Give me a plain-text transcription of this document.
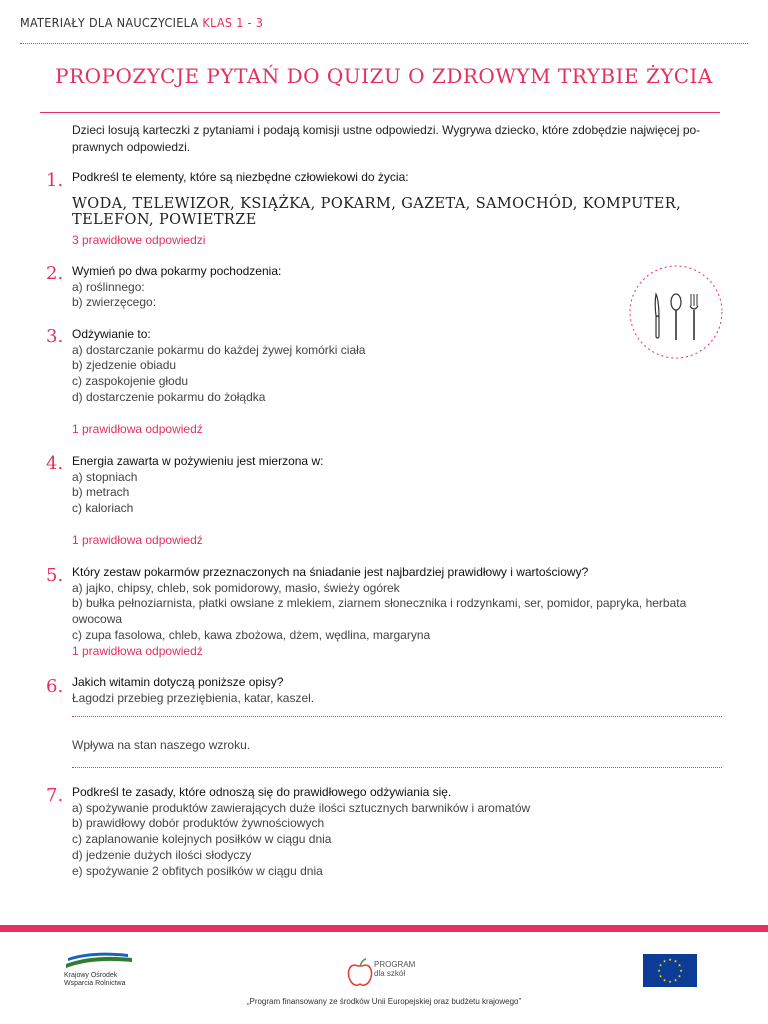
MATERIAŁY DLA NAUCZYCIELA KLAS 1 - 3
PROPOZYCJE PYTAŃ DO QUIZU O ZDROWYM TRYBIE ŻYCIA
Dzieci losują karteczki z pytaniami i podają komisji ustne odpowiedzi. Wygrywa dziecko, które zdobędzie najwięcej po-prawnych odpowiedzi.
1. Podkreśl te elementy, które są niezbędne człowiekowi do życia:
WODA, TELEWIZOR, KSIĄŻKA, POKARM, GAZETA, SAMOCHÓD, KOMPUTER, TELEFON, POWIETRZE
3 prawidłowe odpowiedzi
2. Wymień po dwa pokarmy pochodzenia:
a) roślinnego:
b) zwierzęcego:
3. Odżywianie to:
a) dostarczanie pokarmu do każdej żywej komórki ciała
b) zjedzenie obiadu
c) zaspokojenie głodu
d) dostarczenie pokarmu do żołądka
1 prawidłowa odpowiedź
4. Energia zawarta w pożywieniu jest mierzona w:
a) stopniach
b) metrach
c) kaloriach
1 prawidłowa odpowiedź
5. Który zestaw pokarmów przeznaczonych na śniadanie jest najbardziej prawidłowy i wartościowy?
a) jajko, chipsy, chleb, sok pomidorowy, masło, świeży ogórek
b) bułka pełnoziarnista, płatki owsiane z mlekiem, ziarnem słonecznika i rodzynkami, ser, pomidor, papryka, herbata owocowa
c) zupa fasolowa, chleb, kawa zbożowa, dżem, wędlina, margaryna
1 prawidłowa odpowiedź
6. Jakich witamin dotyczą poniższe opisy?
Łagodzi przebieg przeziębienia, katar, kaszel.
Wpływa na stan naszego wzroku.
7. Podkreśl te zasady, które odnoszą się do prawidłowego odżywiania się.
a) spożywanie produktów zawierających duże ilości sztucznych barwników i aromatów
b) prawidłowy dobór produktów żywnościowych
c) zaplanowanie kolejnych posiłków w ciągu dnia
d) jedzenie dużych ilości słodyczy
e) spożywanie 2 obfitych posiłków w ciągu dnia
Krajowy Ośrodek
Wsparcia Rolnictwa
PROGRAM
dla szkół
★ ★
★
★
★
★
★
★
★
★
★
★
„Program finansowany ze środków Unii Europejskiej oraz budżetu krajowego”
